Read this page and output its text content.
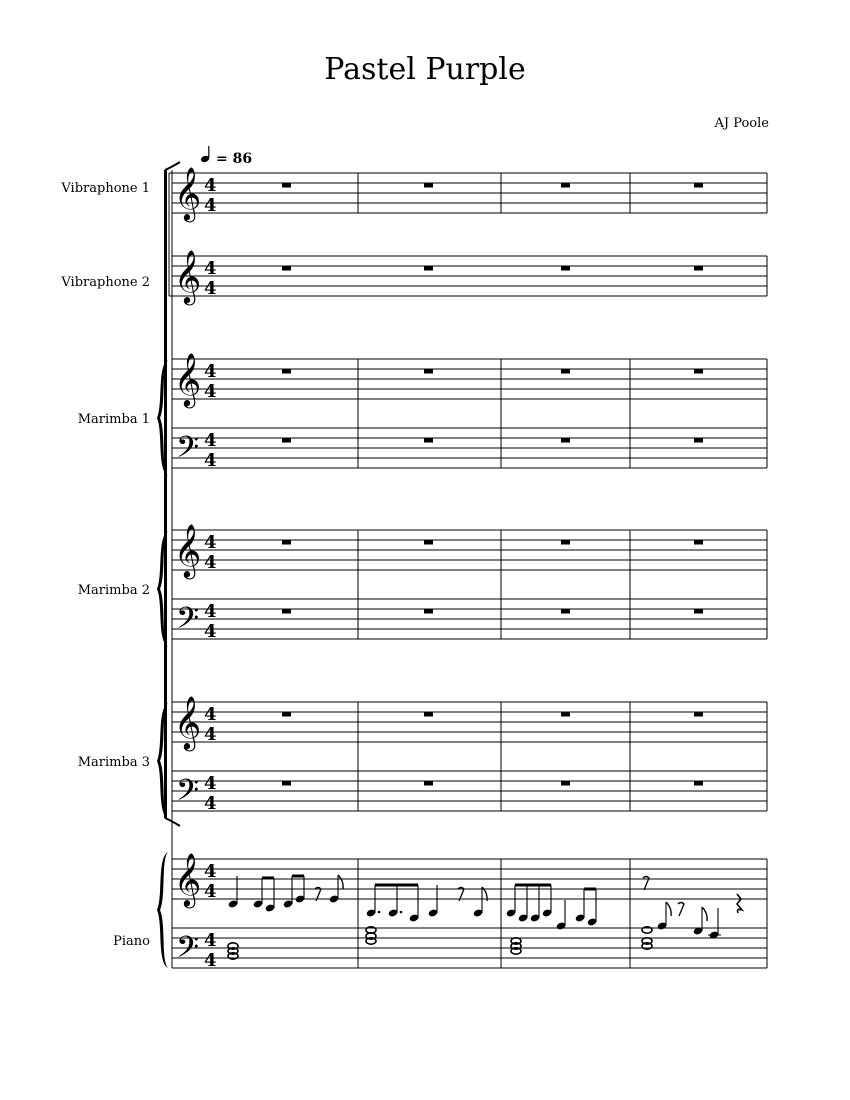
Pastel Purple
AJ Poole
Vibraphone 1
Vibraphone 2
Marimba 1
Marimba 2
Marimba 3
Piano
= 86
𝄞
𝄞
𝄞
𝄢
𝄞
𝄢
𝄞
𝄢
𝄞
𝄢
4
4
4
4
4
4
4
4
4
4
4
4
4
4
4
4
4
4
4
4
